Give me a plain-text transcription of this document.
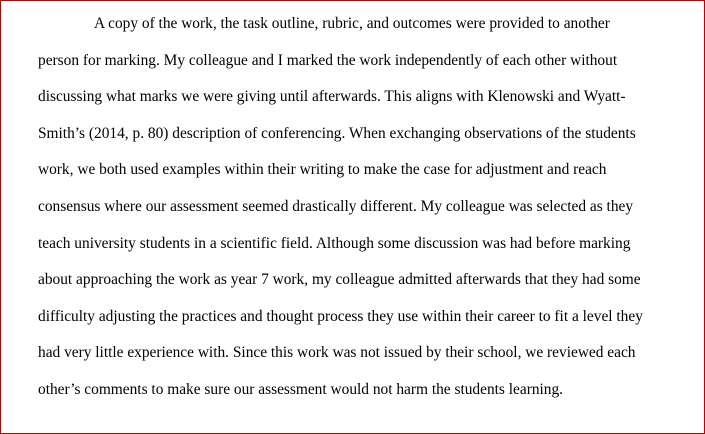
A copy of the work, the task outline, rubric, and outcomes were provided to another
person for marking. My colleague and I marked the work independently of each other without
discussing what marks we were giving until afterwards. This aligns with Klenowski and Wyatt-
Smith’s (2014, p. 80) description of conferencing. When exchanging observations of the students
work, we both used examples within their writing to make the case for adjustment and reach
consensus where our assessment seemed drastically different. My colleague was selected as they
teach university students in a scientific field. Although some discussion was had before marking
about approaching the work as year 7 work, my colleague admitted afterwards that they had some
difficulty adjusting the practices and thought process they use within their career to fit a level they
had very little experience with. Since this work was not issued by their school, we reviewed each
other’s comments to make sure our assessment would not harm the students learning.
